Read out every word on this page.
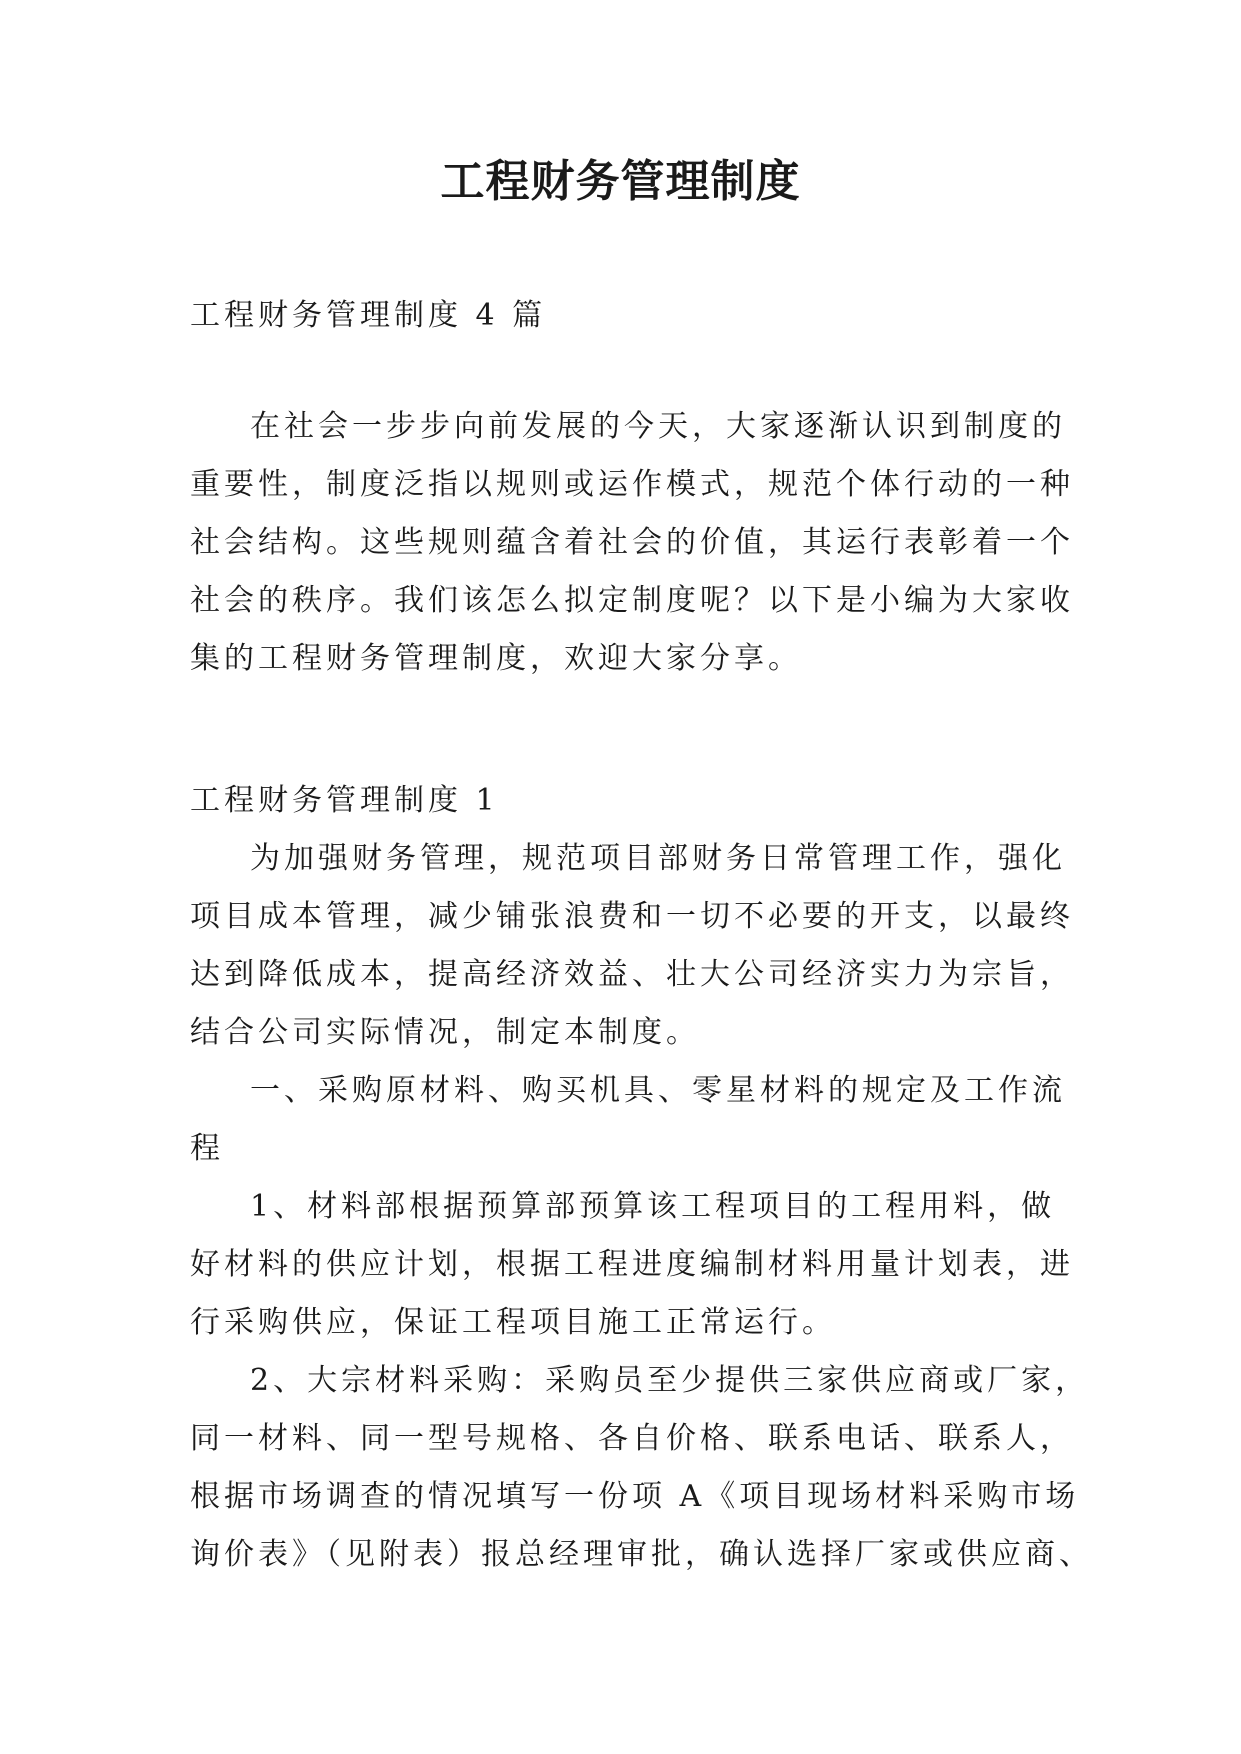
工程财务管理制度
工程财务管理制度 4 篇

在社会一步步向前发展的今天，大家逐渐认识到制度的
重要性，制度泛指以规则或运作模式，规范个体行动的一种
社会结构。这些规则蕴含着社会的价值，其运行表彰着一个
社会的秩序。我们该怎么拟定制度呢？以下是小编为大家收
集的工程财务管理制度，欢迎大家分享。

工程财务管理制度 1

为加强财务管理，规范项目部财务日常管理工作，强化
项目成本管理，减少铺张浪费和一切不必要的开支，以最终
达到降低成本，提高经济效益、壮大公司经济实力为宗旨，
结合公司实际情况，制定本制度。

一、采购原材料、购买机具、零星材料的规定及工作流
程

1、材料部根据预算部预算该工程项目的工程用料，做
好材料的供应计划，根据工程进度编制材料用量计划表，进
行采购供应，保证工程项目施工正常运行。

2、大宗材料采购：采购员至少提供三家供应商或厂家，
同一材料、同一型号规格、各自价格、联系电话、联系人，
根据市场调查的情况填写一份项 A《项目现场材料采购市场
询价表》（见附表）报总经理审批，确认选择厂家或供应商、
